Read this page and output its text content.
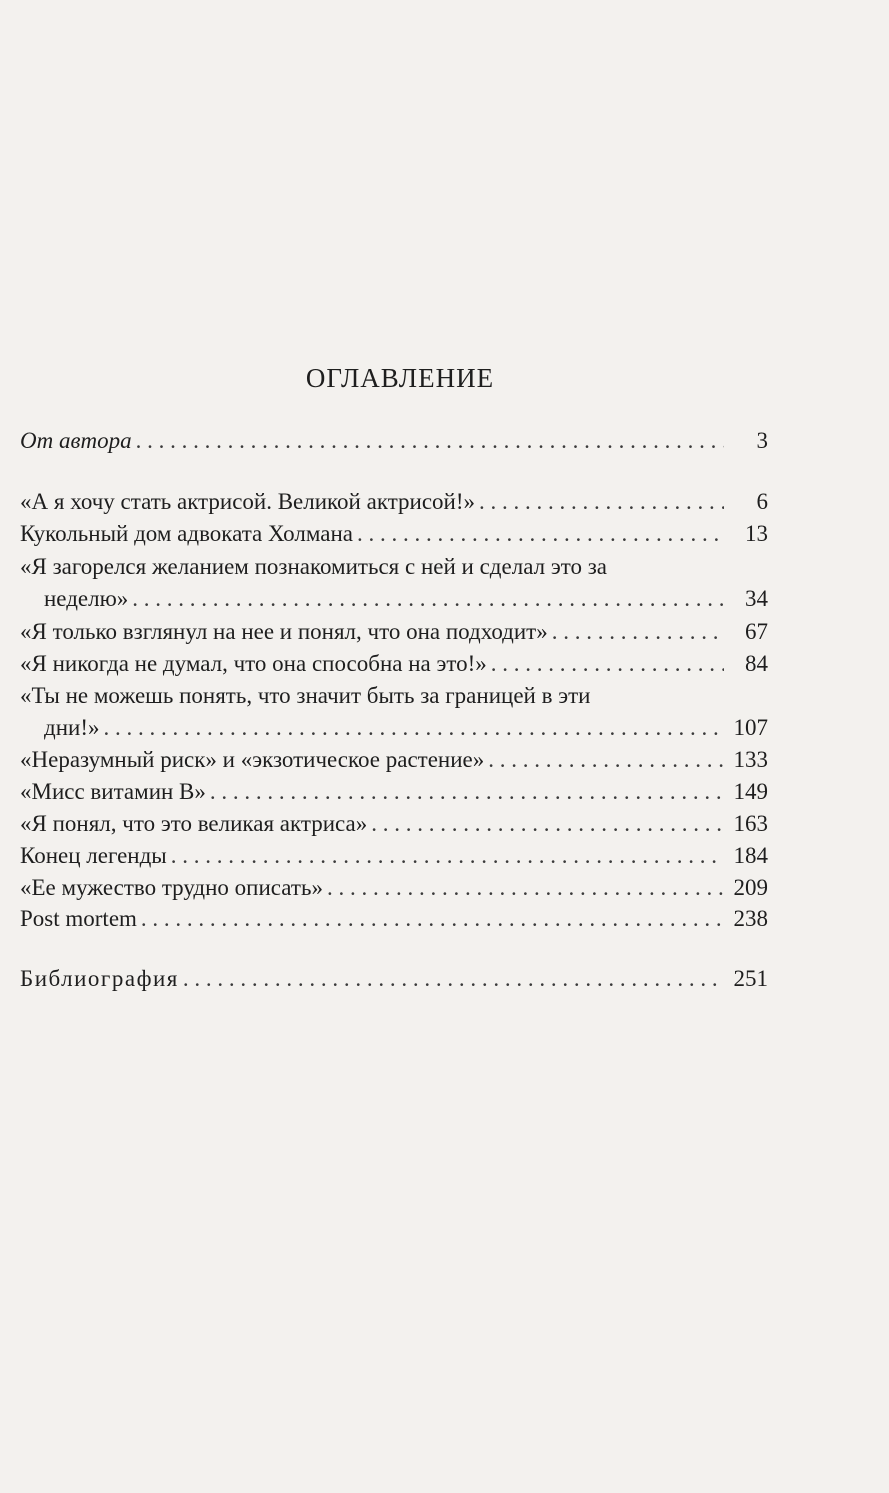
ОГЛАВЛЕНИЕ
От автора . . .	3
«А я хочу стать актрисой. Великой актрисой!» . . .	6
Кукольный дом адвоката Холмана . . .	13
«Я загорелся желанием познакомиться с ней и сделал это за
неделю» . . .	34
«Я только взглянул на нее и понял, что она подходит» . . .	67
«Я никогда не думал, что она способна на это!» . . .	84
«Ты не можешь понять, что значит быть за границей в эти
дни!» . . .	107
«Неразумный риск» и «экзотическое растение» . . .	133
«Мисс витамин В» . . .	149
«Я понял, что это великая актриса» . . .	163
Конец легенды . . .	184
«Ее мужество трудно описать» . . .	209
Post mortem . . .	238
Библиография . . .	251
